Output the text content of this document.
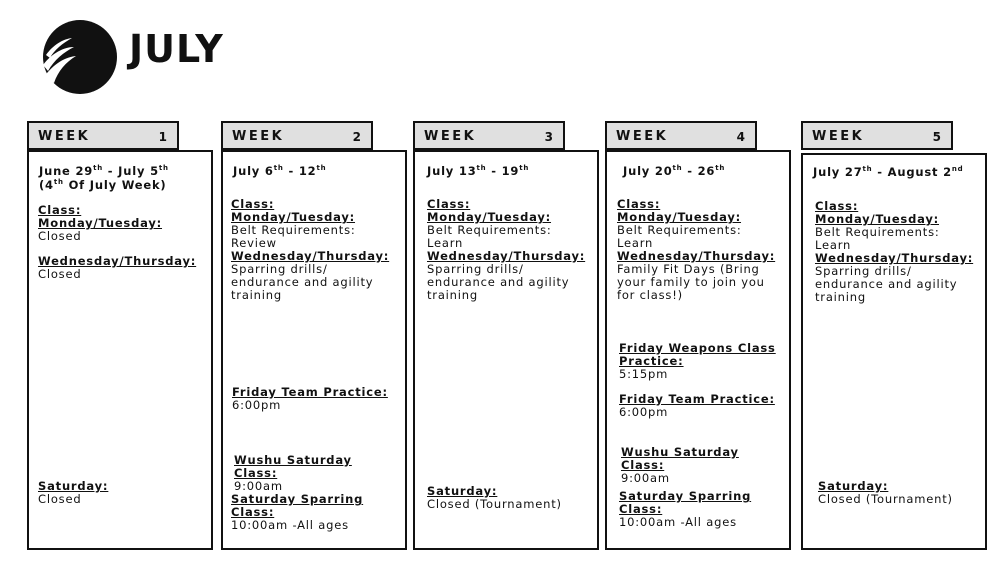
JULY
WEEK	1
June 29th - July 5th
(4th Of July Week)
Class:
Monday/Tuesday:
Closed
Wednesday/Thursday:
Closed
Saturday:
Closed
WEEK	2
July 6th - 12th
Class:
Monday/Tuesday:
Belt Requirements:
Review
Wednesday/Thursday:
Sparring drills/
endurance and agility
training
Friday Team Practice:
6:00pm
Wushu Saturday
Class:
9:00am
Saturday Sparring
Class:
10:00am -All ages
WEEK	3
July 13th - 19th
Class:
Monday/Tuesday:
Belt Requirements:
Learn
Wednesday/Thursday:
Sparring drills/
endurance and agility
training
Saturday:
Closed (Tournament)
WEEK	4
July 20th - 26th
Class:
Monday/Tuesday:
Belt Requirements:
Learn
Wednesday/Thursday:
Family Fit Days (Bring
your family to join you
for class!)
Friday Weapons Class
Practice:
5:15pm
Friday Team Practice:
6:00pm
Wushu Saturday
Class:
9:00am
Saturday Sparring
Class:
10:00am -All ages
WEEK	5
July 27th - August 2nd
Class:
Monday/Tuesday:
Belt Requirements:
Learn
Wednesday/Thursday:
Sparring drills/
endurance and agility
training
Saturday:
Closed (Tournament)
